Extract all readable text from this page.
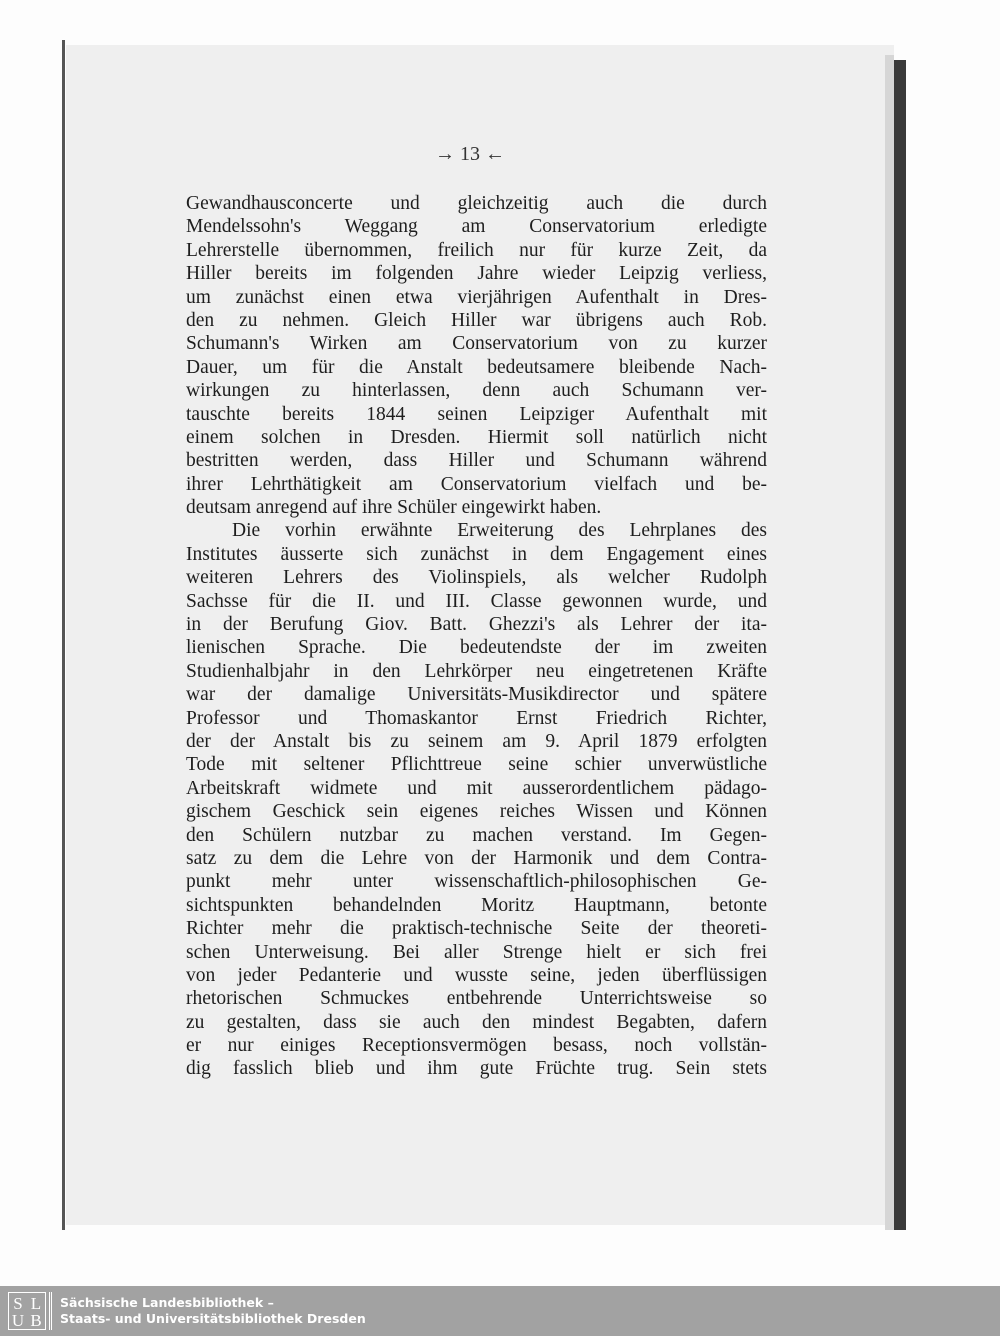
→ 13 ←
Gewandhausconcerte und gleichzeitig auch die durch
Mendelssohn's Weggang am Conservatorium erledigte
Lehrerstelle übernommen, freilich nur für kurze Zeit, da
Hiller bereits im folgenden Jahre wieder Leipzig verliess,
um zunächst einen etwa vierjährigen Aufenthalt in Dres-
den zu nehmen. Gleich Hiller war übrigens auch Rob.
Schumann's Wirken am Conservatorium von zu kurzer
Dauer, um für die Anstalt bedeutsamere bleibende Nach-
wirkungen zu hinterlassen, denn auch Schumann ver-
tauschte bereits 1844 seinen Leipziger Aufenthalt mit
einem solchen in Dresden. Hiermit soll natürlich nicht
bestritten werden, dass Hiller und Schumann während
ihrer Lehrthätigkeit am Conservatorium vielfach und be-
deutsam anregend auf ihre Schüler eingewirkt haben.
Die vorhin erwähnte Erweiterung des Lehrplanes des
Institutes äusserte sich zunächst in dem Engagement eines
weiteren Lehrers des Violinspiels, als welcher Rudolph
Sachsse für die II. und III. Classe gewonnen wurde, und
in der Berufung Giov. Batt. Ghezzi's als Lehrer der ita-
lienischen Sprache. Die bedeutendste der im zweiten
Studienhalbjahr in den Lehrkörper neu eingetretenen Kräfte
war der damalige Universitäts-Musikdirector und spätere
Professor und Thomaskantor Ernst Friedrich Richter,
der der Anstalt bis zu seinem am 9. April 1879 erfolgten
Tode mit seltener Pflichttreue seine schier unverwüstliche
Arbeitskraft widmete und mit ausserordentlichem pädago-
gischem Geschick sein eigenes reiches Wissen und Können
den Schülern nutzbar zu machen verstand. Im Gegen-
satz zu dem die Lehre von der Harmonik und dem Contra-
punkt mehr unter wissenschaftlich-philosophischen Ge-
sichtspunkten behandelnden Moritz Hauptmann, betonte
Richter mehr die praktisch-technische Seite der theoreti-
schen Unterweisung. Bei aller Strenge hielt er sich frei
von jeder Pedanterie und wusste seine, jeden überflüssigen
rhetorischen Schmuckes entbehrende Unterrichtsweise so
zu gestalten, dass sie auch den mindest Begabten, dafern
er nur einiges Receptionsvermögen besass, noch vollstän-
dig fasslich blieb und ihm gute Früchte trug. Sein stets
S L
U B
Sächsische Landesbibliothek –
Staats- und Universitätsbibliothek Dresden
